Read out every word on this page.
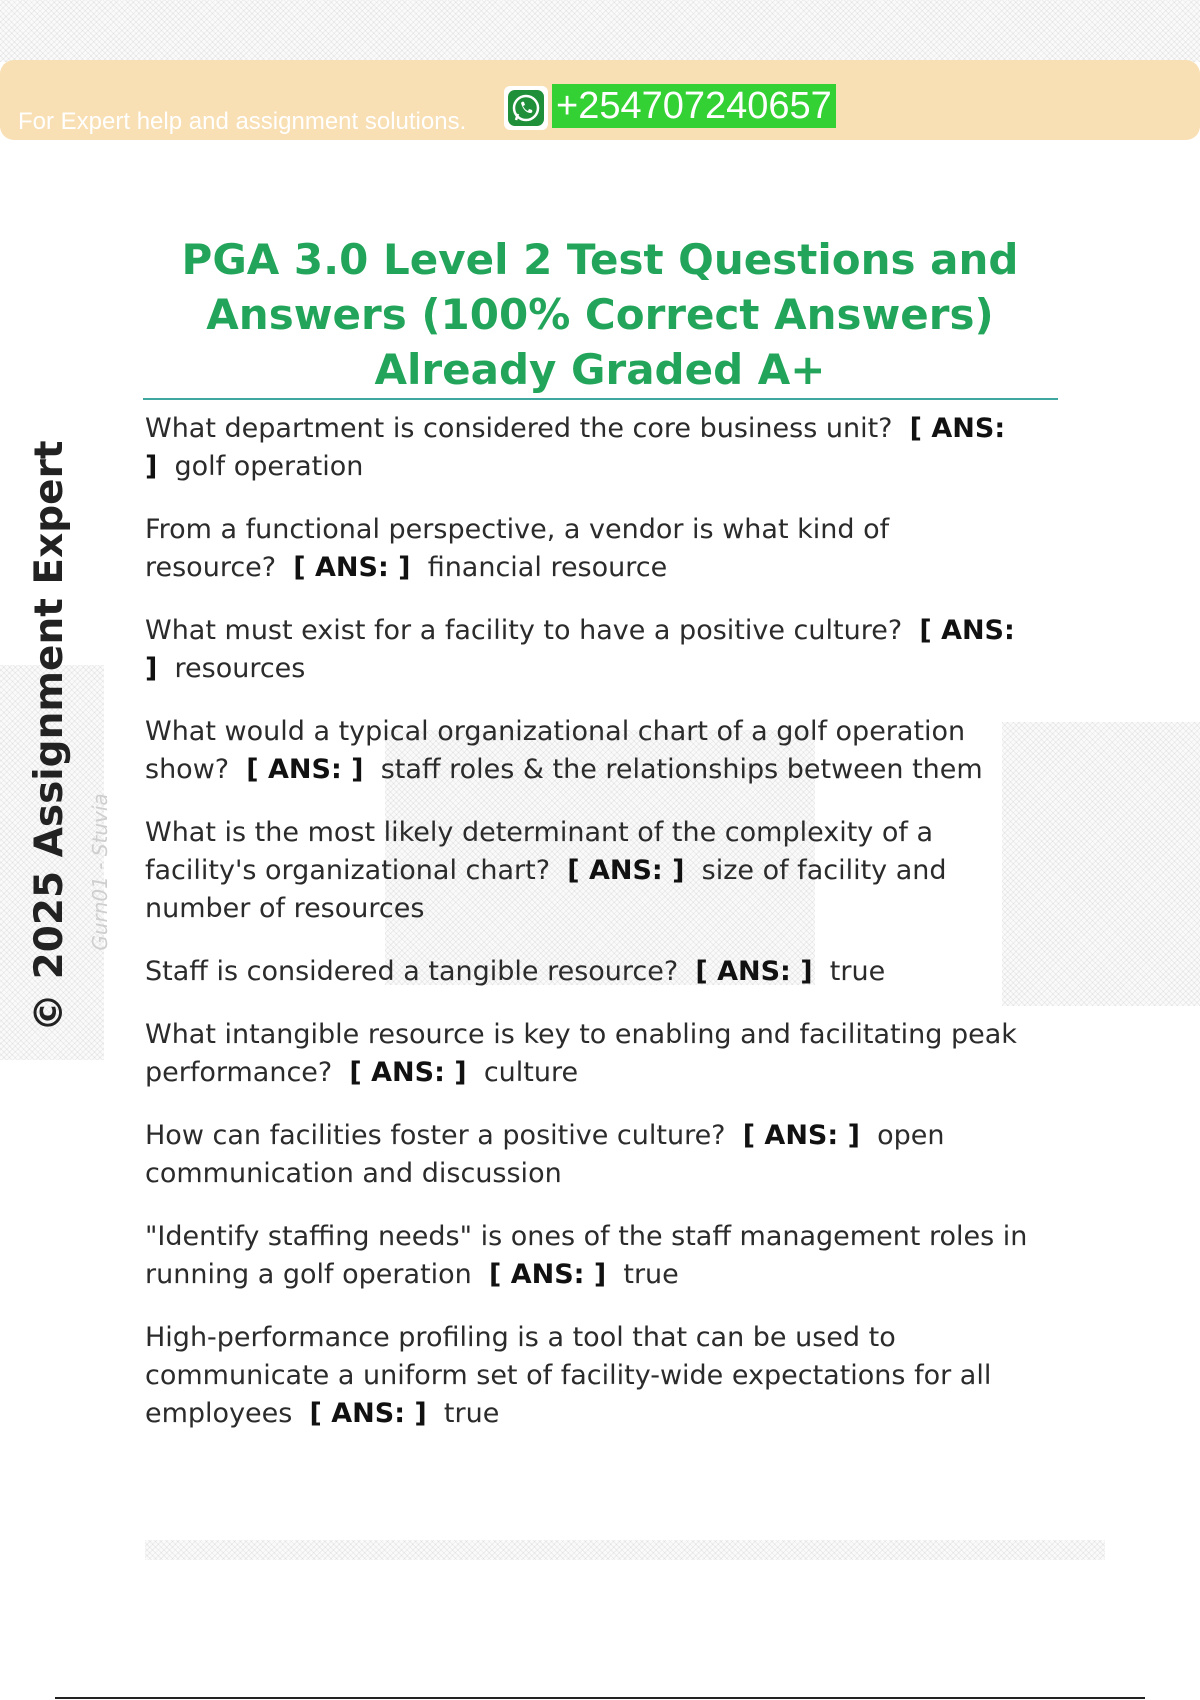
For Expert help and assignment solutions. +254707240657
© 2025 Assignment Expert Gurn01 - Stuvia
PGA 3.0 Level 2 Test Questions and Answers (100% Correct Answers) Already Graded A+
What department is considered the core business unit? [ ANS: ] golf operation
From a functional perspective, a vendor is what kind of resource? [ ANS: ] financial resource
What must exist for a facility to have a positive culture? [ ANS: ] resources
What would a typical organizational chart of a golf operation show? [ ANS: ] staff roles & the relationships between them
What is the most likely determinant of the complexity of a facility's organizational chart? [ ANS: ] size of facility and number of resources
Staff is considered a tangible resource? [ ANS: ] true
What intangible resource is key to enabling and facilitating peak performance? [ ANS: ] culture
How can facilities foster a positive culture? [ ANS: ] open communication and discussion
"Identify staffing needs" is ones of the staff management roles in running a golf operation [ ANS: ] true
High-performance profiling is a tool that can be used to communicate a uniform set of facility-wide expectations for all employees [ ANS: ] true
